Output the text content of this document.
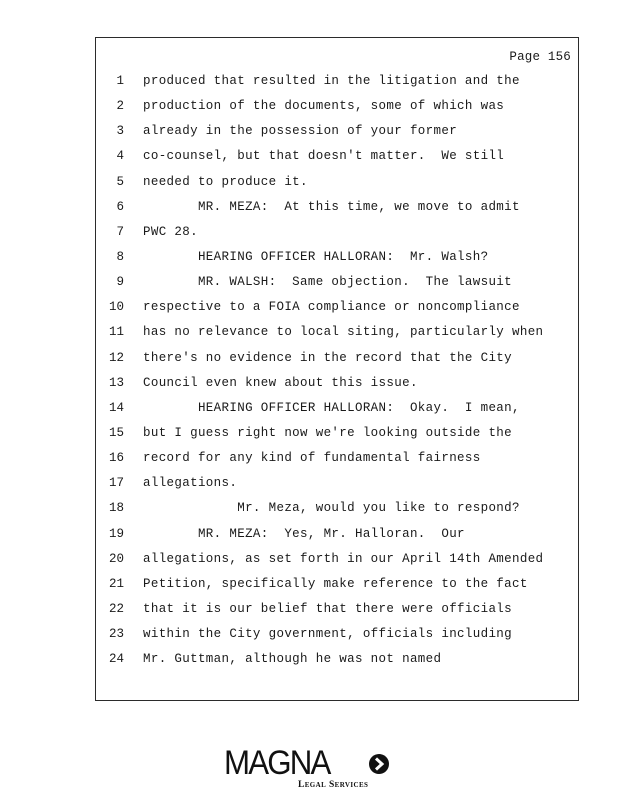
Page 156
1 produced that resulted in the litigation and the
2 production of the documents, some of which was
3 already in the possession of your former
4 co-counsel, but that doesn't matter.  We still
5 needed to produce it.
6 MR. MEZA:  At this time, we move to admit
7 PWC 28.
8 HEARING OFFICER HALLORAN:  Mr. Walsh?
9 MR. WALSH:  Same objection.  The lawsuit
10 respective to a FOIA compliance or noncompliance
11 has no relevance to local siting, particularly when
12 there's no evidence in the record that the City
13 Council even knew about this issue.
14 HEARING OFFICER HALLORAN:  Okay.  I mean,
15 but I guess right now we're looking outside the
16 record for any kind of fundamental fairness
17 allegations.
18 Mr. Meza, would you like to respond?
19 MR. MEZA:  Yes, Mr. Halloran.  Our
20 allegations, as set forth in our April 14th Amended
21 Petition, specifically make reference to the fact
22 that it is our belief that there were officials
23 within the City government, officials including
24 Mr. Guttman, although he was not named
MAGNA
Legal Services
